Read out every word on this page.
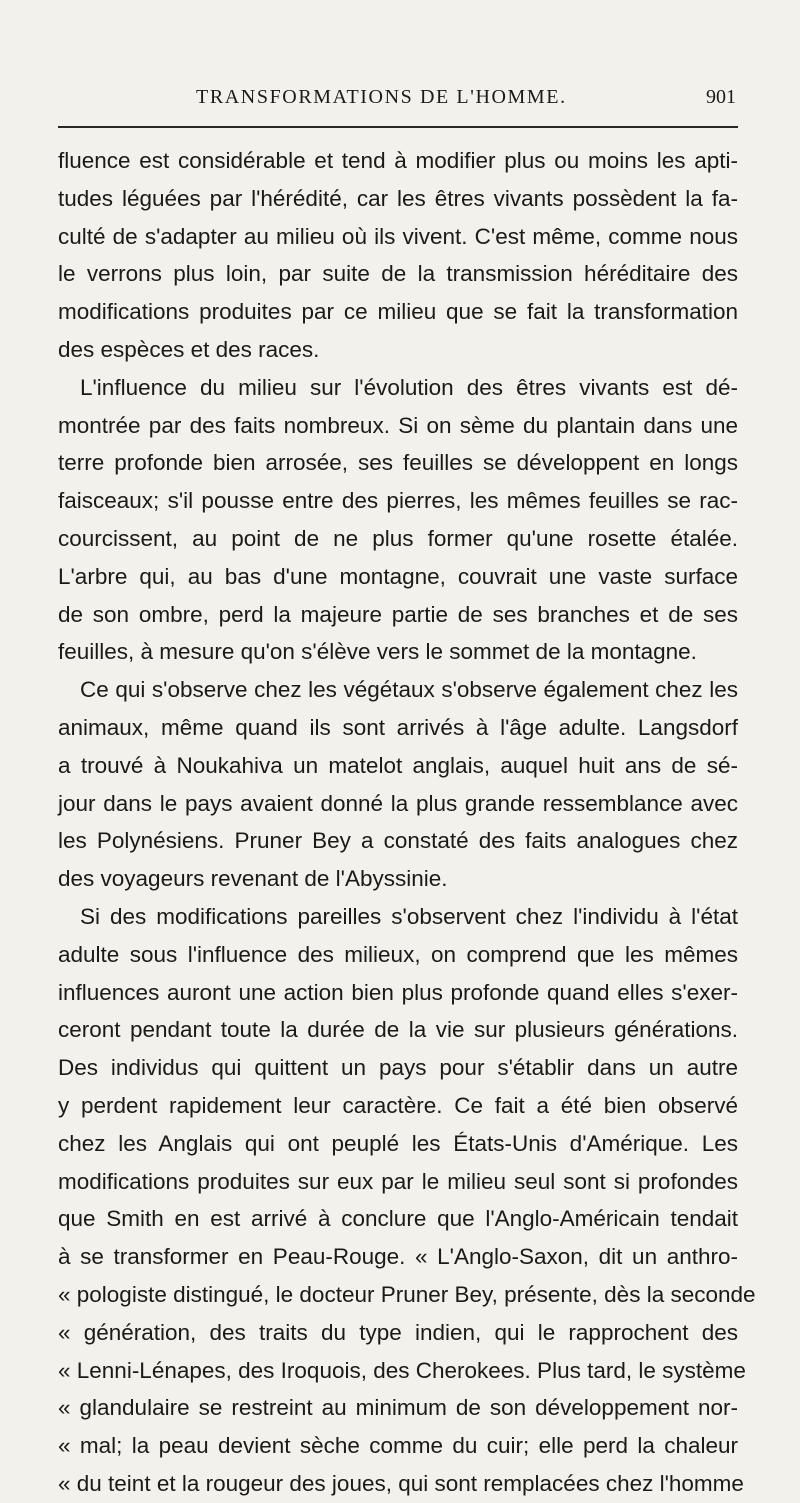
TRANSFORMATIONS DE L'HOMME.	901
fluence est considérable et tend à modifier plus ou moins les apti-
tudes léguées par l'hérédité, car les êtres vivants possèdent la fa-
culté de s'adapter au milieu où ils vivent. C'est même, comme nous
le verrons plus loin, par suite de la transmission héréditaire des
modifications produites par ce milieu que se fait la transformation
des espèces et des races.
L'influence du milieu sur l'évolution des êtres vivants est dé-
montrée par des faits nombreux. Si on sème du plantain dans une
terre profonde bien arrosée, ses feuilles se développent en longs
faisceaux; s'il pousse entre des pierres, les mêmes feuilles se rac-
courcissent, au point de ne plus former qu'une rosette étalée.
L'arbre qui, au bas d'une montagne, couvrait une vaste surface
de son ombre, perd la majeure partie de ses branches et de ses
feuilles, à mesure qu'on s'élève vers le sommet de la montagne.
Ce qui s'observe chez les végétaux s'observe également chez les
animaux, même quand ils sont arrivés à l'âge adulte. Langsdorf
a trouvé à Noukahiva un matelot anglais, auquel huit ans de sé-
jour dans le pays avaient donné la plus grande ressemblance avec
les Polynésiens. Pruner Bey a constaté des faits analogues chez
des voyageurs revenant de l'Abyssinie.
Si des modifications pareilles s'observent chez l'individu à l'état
adulte sous l'influence des milieux, on comprend que les mêmes
influences auront une action bien plus profonde quand elles s'exer-
ceront pendant toute la durée de la vie sur plusieurs générations.
Des individus qui quittent un pays pour s'établir dans un autre
y perdent rapidement leur caractère. Ce fait a été bien observé
chez les Anglais qui ont peuplé les États-Unis d'Amérique. Les
modifications produites sur eux par le milieu seul sont si profondes
que Smith en est arrivé à conclure que l'Anglo-Américain tendait
à se transformer en Peau-Rouge. « L'Anglo-Saxon, dit un anthro-
« pologiste distingué, le docteur Pruner Bey, présente, dès la seconde
« génération, des traits du type indien, qui le rapprochent des
« Lenni-Lénapes, des Iroquois, des Cherokees. Plus tard, le système
« glandulaire se restreint au minimum de son développement nor-
« mal; la peau devient sèche comme du cuir; elle perd la chaleur
« du teint et la rougeur des joues, qui sont remplacées chez l'homme
